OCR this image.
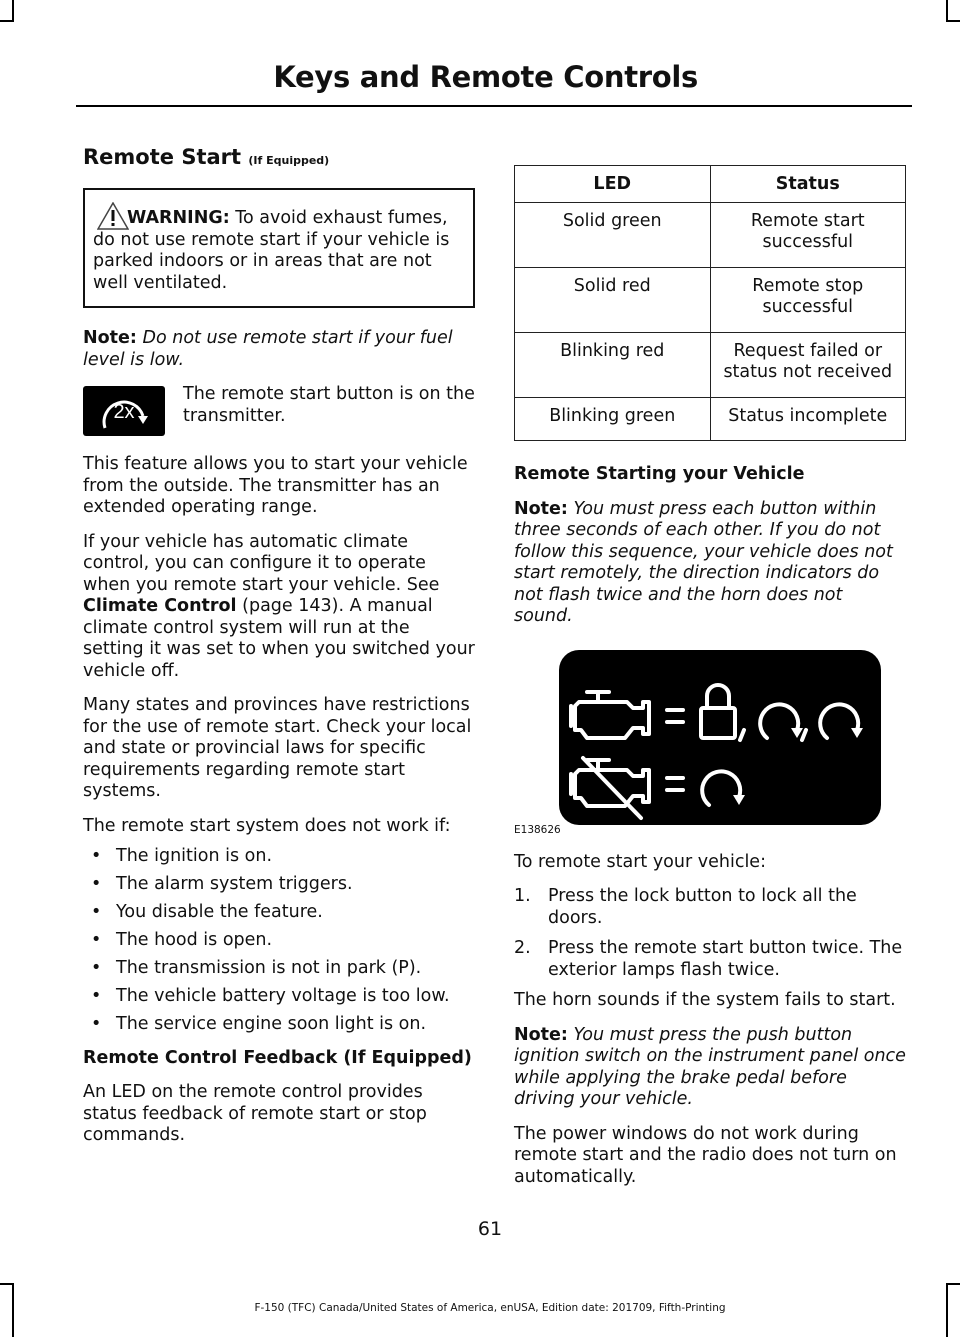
Keys and Remote Controls
Remote Start (If Equipped)
WARNING: To avoid exhaust fumes, do not use remote start if your vehicle is parked indoors or in areas that are not well ventilated.
Note: Do not use remote start if your fuel level is low.
2x
The remote start button is on the transmitter.
This feature allows you to start your vehicle from the outside. The transmitter has an extended operating range.
If your vehicle has automatic climate control, you can configure it to operate when you remote start your vehicle. See Climate Control (page 143). A manual climate control system will run at the setting it was set to when you switched your vehicle off.
Many states and provinces have restrictions for the use of remote start. Check your local and state or provincial laws for specific requirements regarding remote start systems.
The remote start system does not work if:
• The ignition is on.
• The alarm system triggers.
• You disable the feature.
• The hood is open.
• The transmission is not in park (P).
• The vehicle battery voltage is too low.
• The service engine soon light is on.
Remote Control Feedback (If Equipped)
An LED on the remote control provides status feedback of remote start or stop commands.
LED	Status
Solid green	Remote start successful
Solid red	Remote stop successful
Blinking red	Request failed or status not received
Blinking green	Status incomplete
Remote Starting your Vehicle
Note: You must press each button within three seconds of each other. If you do not follow this sequence, your vehicle does not start remotely, the direction indicators do not flash twice and the horn does not sound.
E138626
To remote start your vehicle:
1. Press the lock button to lock all the doors.
2. Press the remote start button twice. The exterior lamps flash twice.
The horn sounds if the system fails to start.
Note: You must press the push button ignition switch on the instrument panel once while applying the brake pedal before driving your vehicle.
The power windows do not work during remote start and the radio does not turn on automatically.
61
F-150 (TFC) Canada/United States of America, enUSA, Edition date: 201709, Fifth-Printing
